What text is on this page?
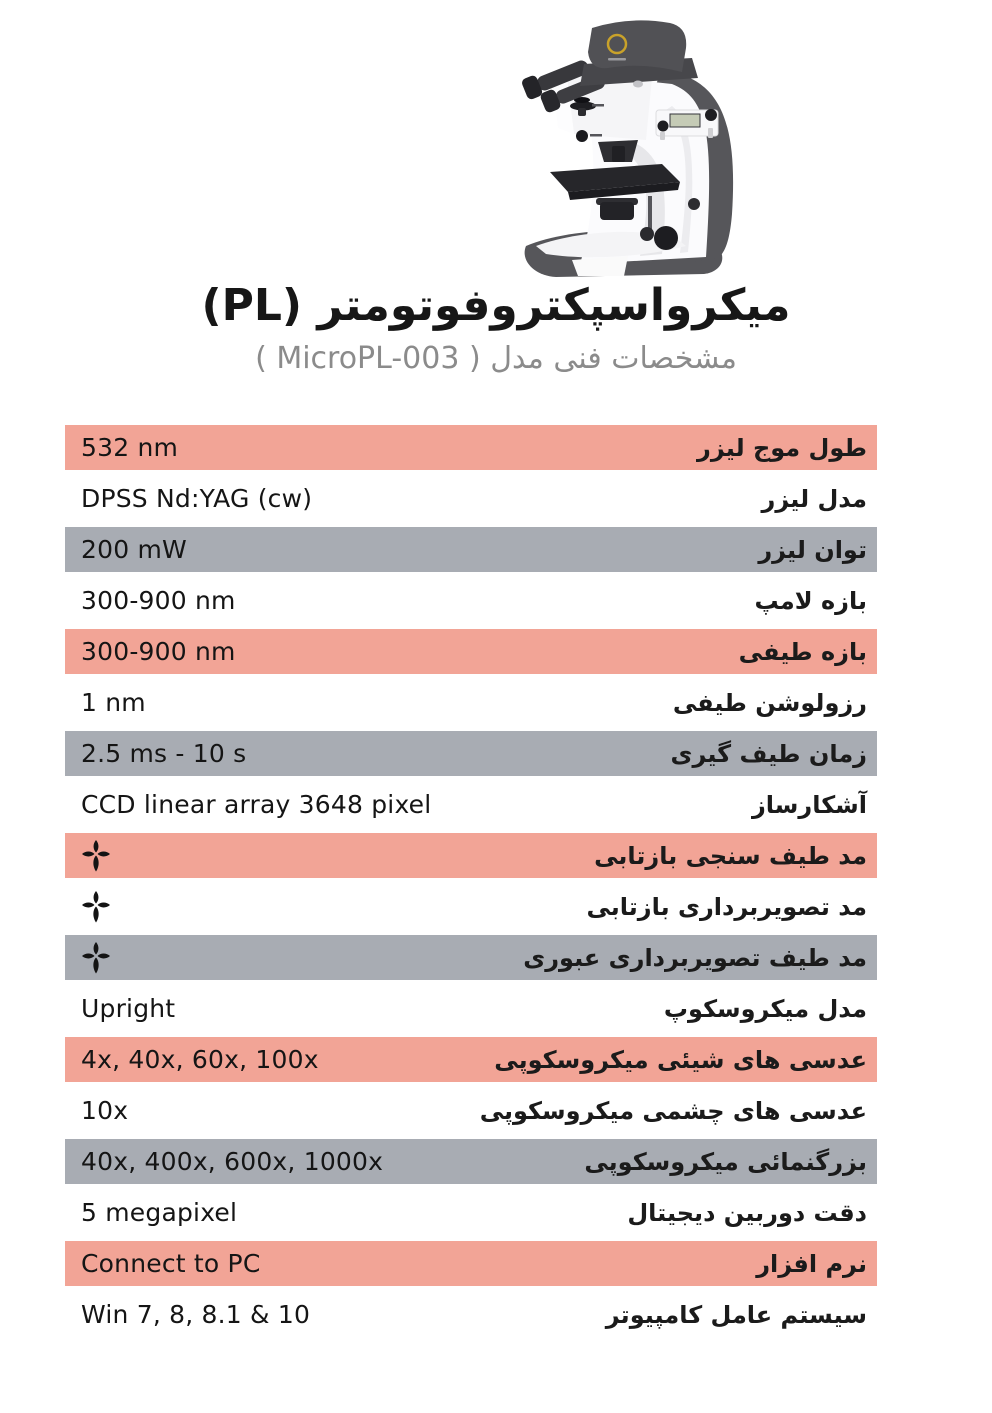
میکرواسپکتروفوتومتر (PL)
مشخصات فنی مدل ( MicroPL-003 )
532 nm	طول موج لیزر
DPSS Nd:YAG (cw)	مدل لیزر
200 mW	توان لیزر
300-900 nm	بازه لامپ
300-900 nm	بازه طیفی
1 nm	رزولوشن طیفی
2.5 ms - 10 s	زمان طیف گیری
CCD linear array 3648 pixel	آشکارساز
مد طیف سنجی بازتابی
مد تصویربرداری بازتابی
مد طیف تصویربرداری عبوری
Upright	مدل میکروسکوپ
4x, 40x, 60x, 100x	عدسی های شیئی میکروسکوپی
10x	عدسی های چشمی میکروسکوپی
40x, 400x, 600x, 1000x	بزرگنمائی میکروسکوپی
5 megapixel	دقت دوربین دیجیتال
Connect to PC	نرم افزار
Win 7, 8, 8.1 & 10	سیستم عامل کامپیوتر
